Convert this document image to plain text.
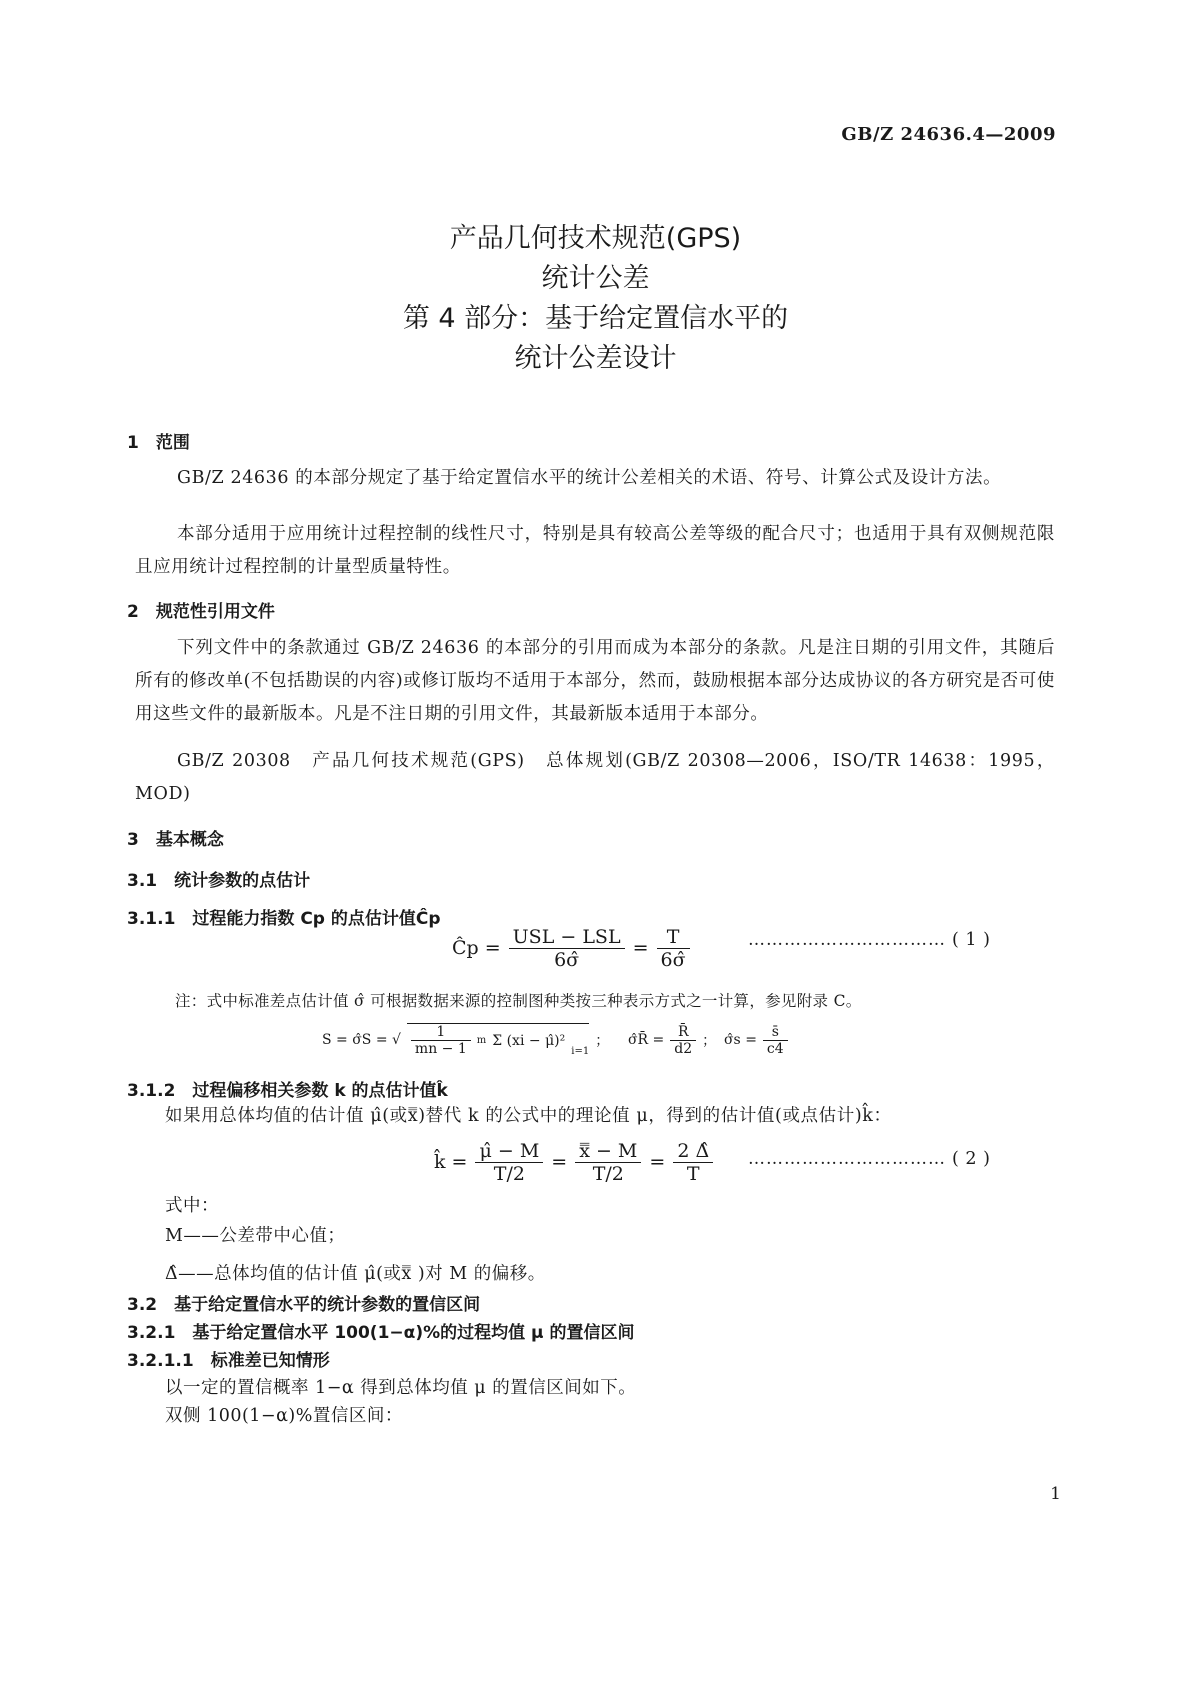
GB/Z 24636.4—2009
产品几何技术规范(GPS)
统计公差
第 4 部分：基于给定置信水平的
统计公差设计
1　范围
GB/Z 24636 的本部分规定了基于给定置信水平的统计公差相关的术语、符号、计算公式及设计方法。
本部分适用于应用统计过程控制的线性尺寸，特别是具有较高公差等级的配合尺寸；也适用于具有双侧规范限且应用统计过程控制的计量型质量特性。
2　规范性引用文件
下列文件中的条款通过 GB/Z 24636 的本部分的引用而成为本部分的条款。凡是注日期的引用文件，其随后所有的修改单(不包括勘误的内容)或修订版均不适用于本部分，然而，鼓励根据本部分达成协议的各方研究是否可使用这些文件的最新版本。凡是不注日期的引用文件，其最新版本适用于本部分。
GB/Z 20308　产品几何技术规范(GPS)　总体规划(GB/Z 20308—2006，ISO/TR 14638：1995，MOD)
3　基本概念
3.1　统计参数的点估计
3.1.1　过程能力指数 Cp 的点估计值Ĉp
Ĉp = $\frac{\text{USL − LSL}}{6\sigmâ} = \frac{T}{6\sigmâ}$	…………………………… ( 1 )
注：式中标准差点估计值 σ̂ 可根据数据来源的控制图种类按三种表示方式之一计算，参见附录 C。
S = σ̂S = √ $\frac{1}{mn - 1}$ m Σ (xi − μ̂)²
i=1
； σ̂R̄ = $\frac{R̄}{d2}$ ； σ̂s = $\frac{s̄}{c4}$
3.1.2　过程偏移相关参数 k 的点估计值k̂
如果用总体均值的估计值 μ̂(或x̿)替代 k 的公式中的理论值 μ，得到的估计值(或点估计)k̂：
k̂ = $\frac{\mû - M}{T/2} = \frac{x̿ - M}{T/2} = \frac{2 \Deltâ}{T}$ …………………………… ( 2 )
式中：
M——公差带中心值；
Δ̂——总体均值的估计值 μ̂(或x̿ )对 M 的偏移。
3.2　基于给定置信水平的统计参数的置信区间
3.2.1　基于给定置信水平 100(1−α)%的过程均值 μ 的置信区间
3.2.1.1　标准差已知情形
以一定的置信概率 1−α 得到总体均值 μ 的置信区间如下。
双侧 100(1−α)%置信区间：
1
